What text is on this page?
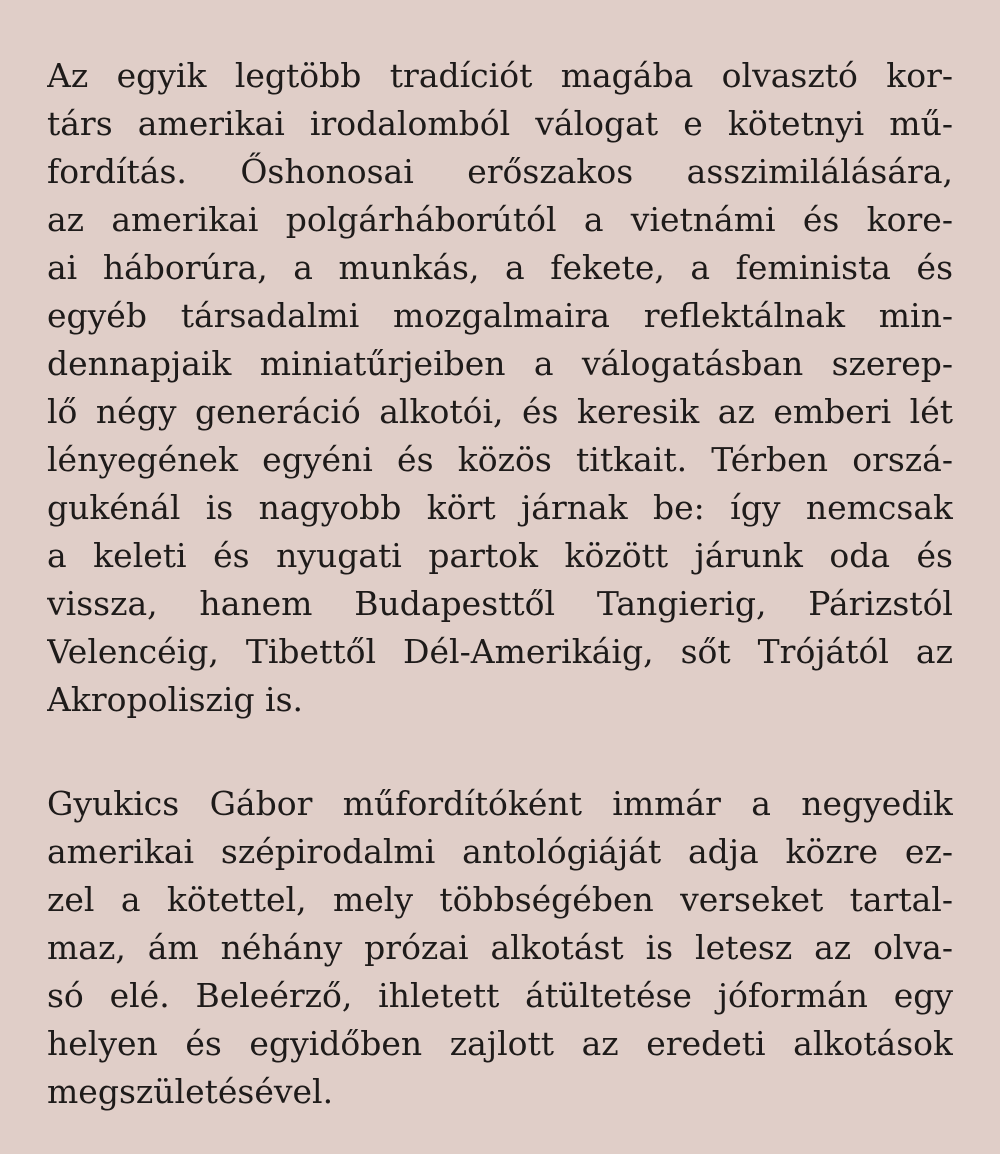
Az egyik legtöbb tradíciót magába olvasztó kor-
társ amerikai irodalomból válogat e kötetnyi mű-
fordítás. Őshonosai erőszakos asszimilálására,
az amerikai polgárháborútól a vietnámi és kore-
ai háborúra, a munkás, a fekete, a feminista és
egyéb társadalmi mozgalmaira reflektálnak min-
dennapjaik miniatűrjeiben a válogatásban szerep-
lő négy generáció alkotói, és keresik az emberi lét
lényegének egyéni és közös titkait. Térben orszá-
gukénál is nagyobb kört járnak be: így nemcsak
a keleti és nyugati partok között járunk oda és
vissza, hanem Budapesttől Tangierig, Párizstól
Velencéig, Tibettől Dél-Amerikáig, sőt Trójától az
Akropoliszig is.
Gyukics Gábor műfordítóként immár a negyedik
amerikai szépirodalmi antológiáját adja közre ez-
zel a kötettel, mely többségében verseket tartal-
maz, ám néhány prózai alkotást is letesz az olva-
só elé. Beleérző, ihletett átültetése jóformán egy
helyen és egyidőben zajlott az eredeti alkotások
megszületésével.
